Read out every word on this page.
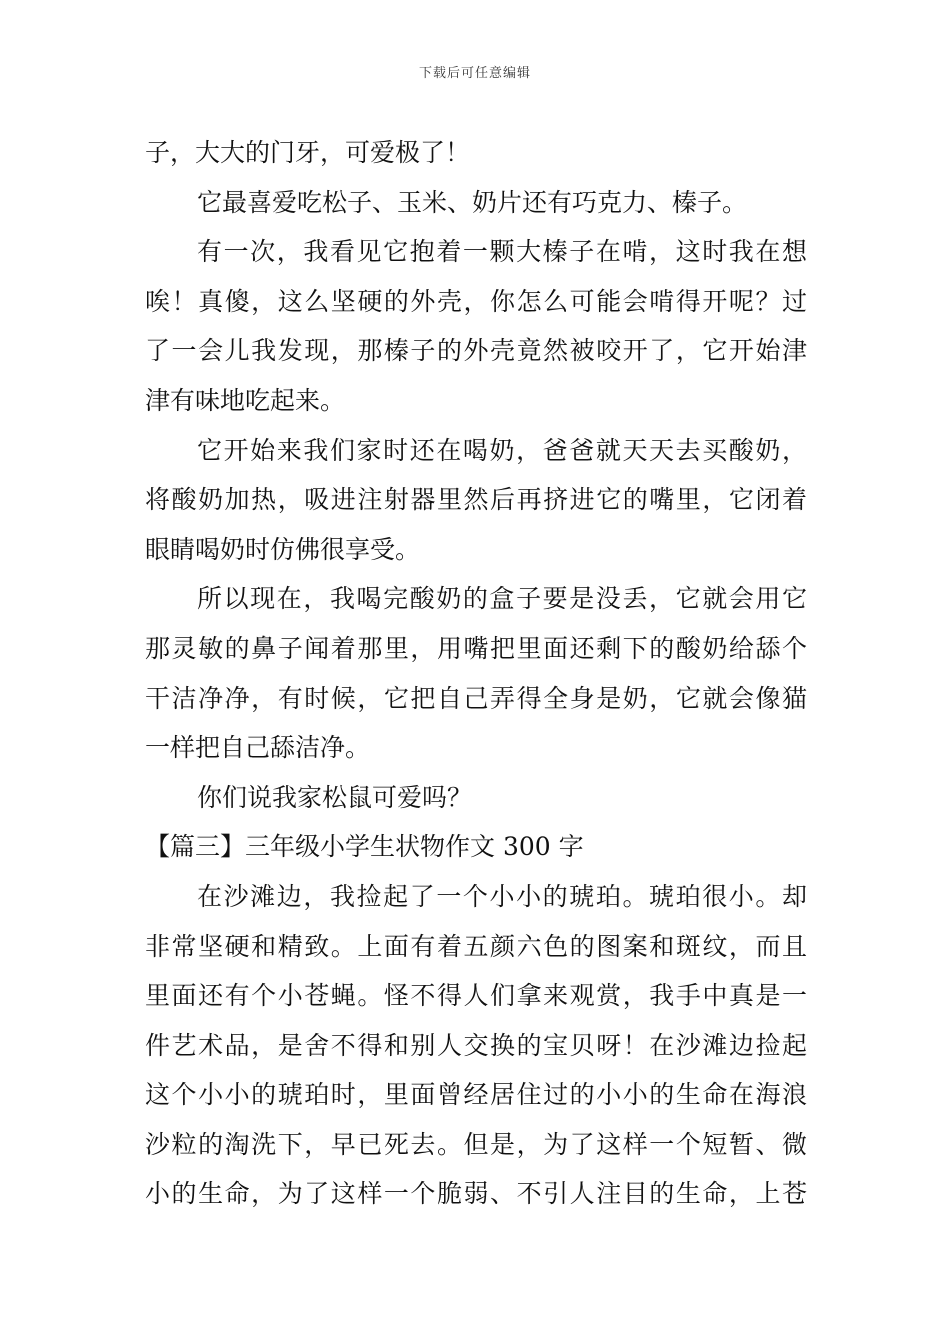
下载后可任意编辑
子，大大的门牙，可爱极了！
它最喜爱吃松子、玉米、奶片还有巧克力、榛子。
有一次，我看见它抱着一颗大榛子在啃，这时我在想
唉！真傻，这么坚硬的外壳，你怎么可能会啃得开呢？过
了一会儿我发现，那榛子的外壳竟然被咬开了，它开始津
津有味地吃起来。
它开始来我们家时还在喝奶，爸爸就天天去买酸奶，
将酸奶加热，吸进注射器里然后再挤进它的嘴里，它闭着
眼睛喝奶时仿佛很享受。
所以现在，我喝完酸奶的盒子要是没丢，它就会用它
那灵敏的鼻子闻着那里，用嘴把里面还剩下的酸奶给舔个
干洁净净，有时候，它把自己弄得全身是奶，它就会像猫
一样把自己舔洁净。
你们说我家松鼠可爱吗？
【篇三】三年级小学生状物作文 300 字
在沙滩边，我捡起了一个小小的琥珀。琥珀很小。却
非常坚硬和精致。上面有着五颜六色的图案和斑纹，而且
里面还有个小苍蝇。怪不得人们拿来观赏，我手中真是一
件艺术品，是舍不得和别人交换的宝贝呀！在沙滩边捡起
这个小小的琥珀时，里面曾经居住过的小小的生命在海浪
沙粒的淘洗下，早已死去。但是，为了这样一个短暂、微
小的生命，为了这样一个脆弱、不引人注目的生命，上苍
